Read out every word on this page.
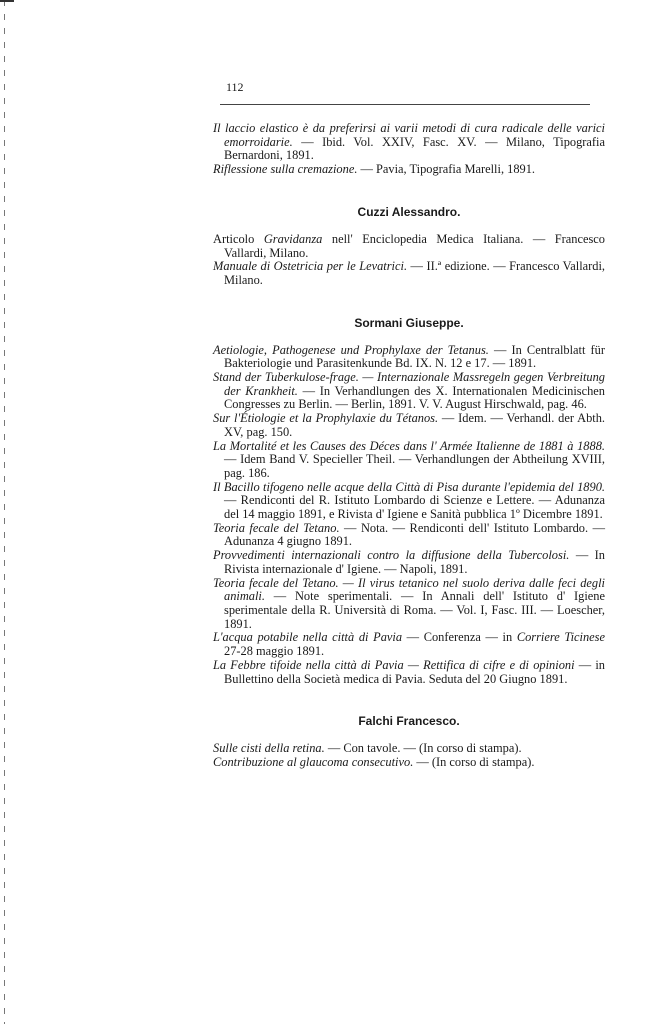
112
Il laccio elastico è da preferirsi ai varii metodi di cura radicale delle varici emorroidarie. — Ibid. Vol. XXIV, Fasc. XV. — Milano, Tipografia Bernardoni, 1891.
Riflessione sulla cremazione. — Pavia, Tipografia Marelli, 1891.
Cuzzi Alessandro.
Articolo Gravidanza nell' Enciclopedia Medica Italiana. — Francesco Vallardi, Milano.
Manuale di Ostetricia per le Levatrici. — II.ª edizione. — Francesco Vallardi, Milano.
Sormani Giuseppe.
Aetiologie, Pathogenese und Prophylaxe der Tetanus. — In Centralblatt für Bakteriologie und Parasitenkunde Bd. IX. N. 12 e 17. — 1891.
Stand der Tuberkulose-frage. — Internazionale Massregeln gegen Verbreitung der Krankheit. — In Verhandlungen des X. Internationalen Medicinischen Congresses zu Berlin. — Berlin, 1891. V. V. August Hirschwald, pag. 46.
Sur l'Étiologie et la Prophylaxie du Tétanos. — Idem. — Verhandl. der Abth. XV, pag. 150.
La Mortalité et les Causes des Déces dans l' Armée Italienne de 1881 à 1888. — Idem Band V. Specieller Theil. — Verhandlungen der Abtheilung XVIII, pag. 186.
Il Bacillo tifogeno nelle acque della Città di Pisa durante l'epidemia del 1890. — Rendiconti del R. Istituto Lombardo di Scienze e Lettere. — Adunanza del 14 maggio 1891, e Rivista d' Igiene e Sanità pubblica 1º Dicembre 1891.
Teoria fecale del Tetano. — Nota. — Rendiconti dell' Istituto Lombardo. — Adunanza 4 giugno 1891.
Provvedimenti internazionali contro la diffusione della Tubercolosi. — In Rivista internazionale d' Igiene. — Napoli, 1891.
Teoria fecale del Tetano. — Il virus tetanico nel suolo deriva dalle feci degli animali. — Note sperimentali. — In Annali dell' Istituto d' Igiene sperimentale della R. Università di Roma. — Vol. I, Fasc. III. — Loescher, 1891.
L'acqua potabile nella città di Pavia — Conferenza — in Corriere Ticinese 27-28 maggio 1891.
La Febbre tifoide nella città di Pavia — Rettifica di cifre e di opinioni — in Bullettino della Società medica di Pavia. Seduta del 20 Giugno 1891.
Falchi Francesco.
Sulle cisti della retina. — Con tavole. — (In corso di stampa).
Contribuzione al glaucoma consecutivo. — (In corso di stampa).
